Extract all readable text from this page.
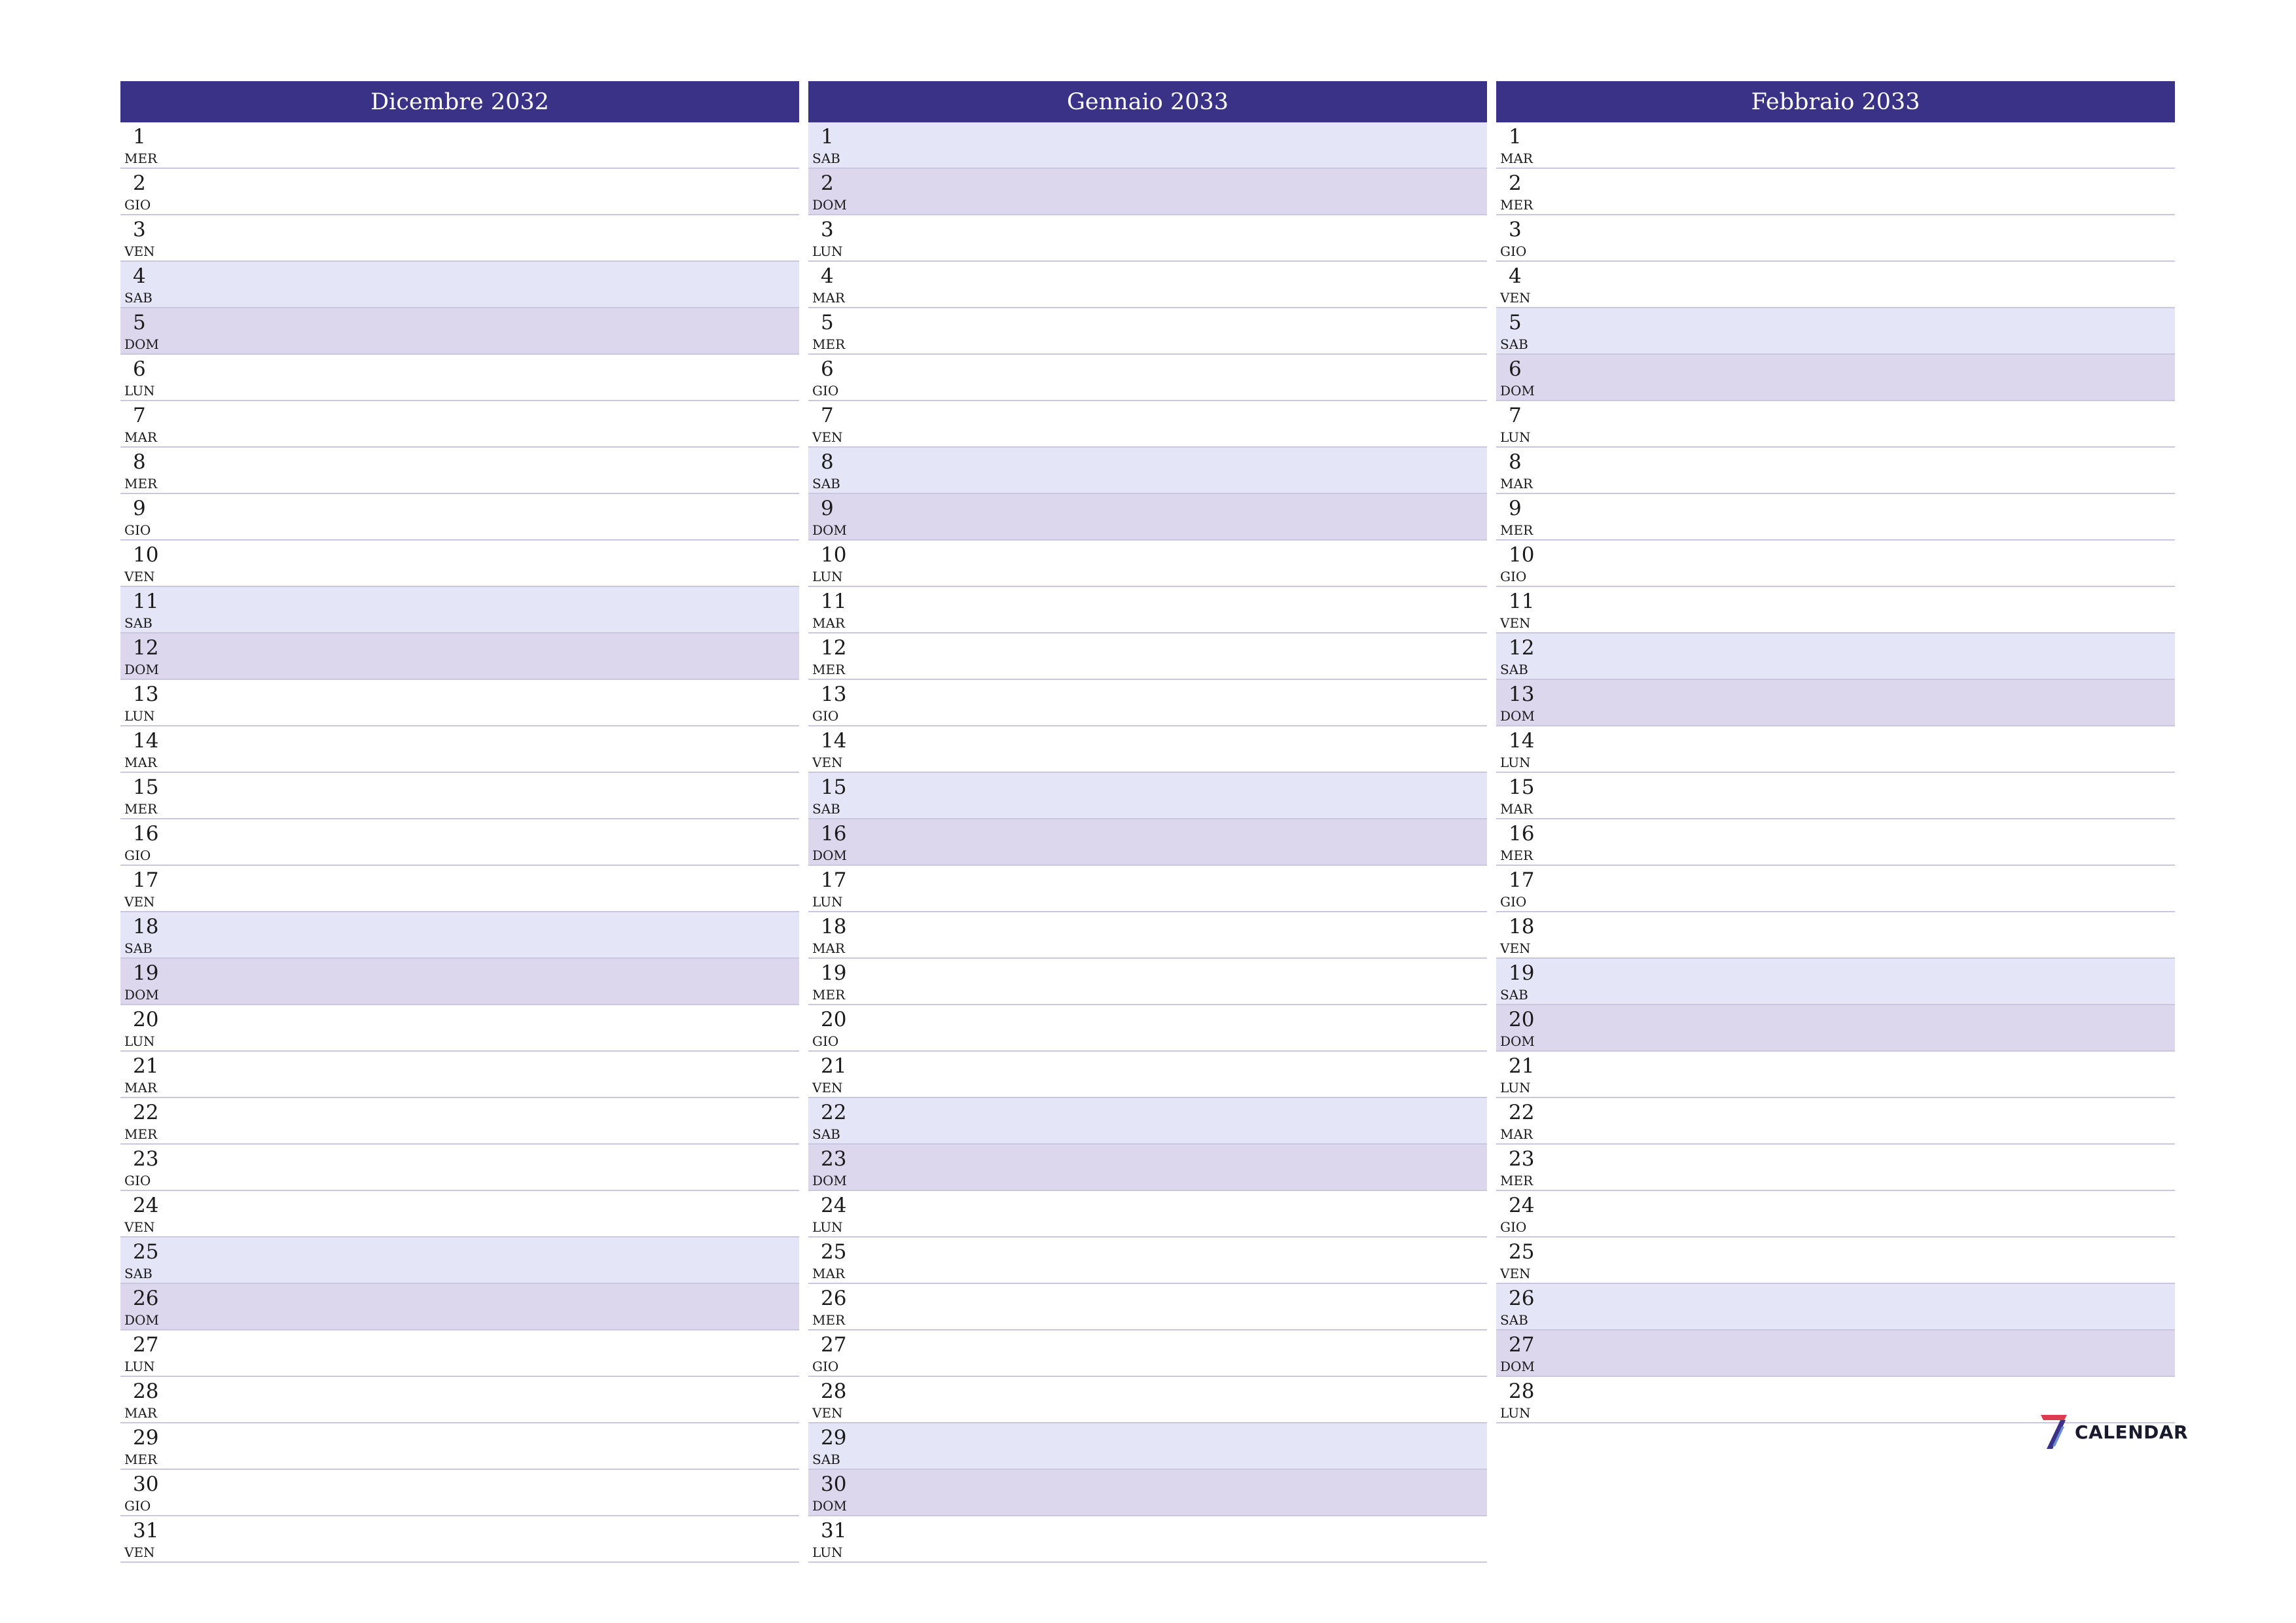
Dicembre 2032
1
MER
2
GIO
3
VEN
4
SAB
5
DOM
6
LUN
7
MAR
8
MER
9
GIO
10
VEN
11
SAB
12
DOM
13
LUN
14
MAR
15
MER
16
GIO
17
VEN
18
SAB
19
DOM
20
LUN
21
MAR
22
MER
23
GIO
24
VEN
25
SAB
26
DOM
27
LUN
28
MAR
29
MER
30
GIO
31
VEN
Gennaio 2033
1
SAB
2
DOM
3
LUN
4
MAR
5
MER
6
GIO
7
VEN
8
SAB
9
DOM
10
LUN
11
MAR
12
MER
13
GIO
14
VEN
15
SAB
16
DOM
17
LUN
18
MAR
19
MER
20
GIO
21
VEN
22
SAB
23
DOM
24
LUN
25
MAR
26
MER
27
GIO
28
VEN
29
SAB
30
DOM
31
LUN
Febbraio 2033
1
MAR
2
MER
3
GIO
4
VEN
5
SAB
6
DOM
7
LUN
8
MAR
9
MER
10
GIO
11
VEN
12
SAB
13
DOM
14
LUN
15
MAR
16
MER
17
GIO
18
VEN
19
SAB
20
DOM
21
LUN
22
MAR
23
MER
24
GIO
25
VEN
26
SAB
27
DOM
28
LUN
CALENDAR
